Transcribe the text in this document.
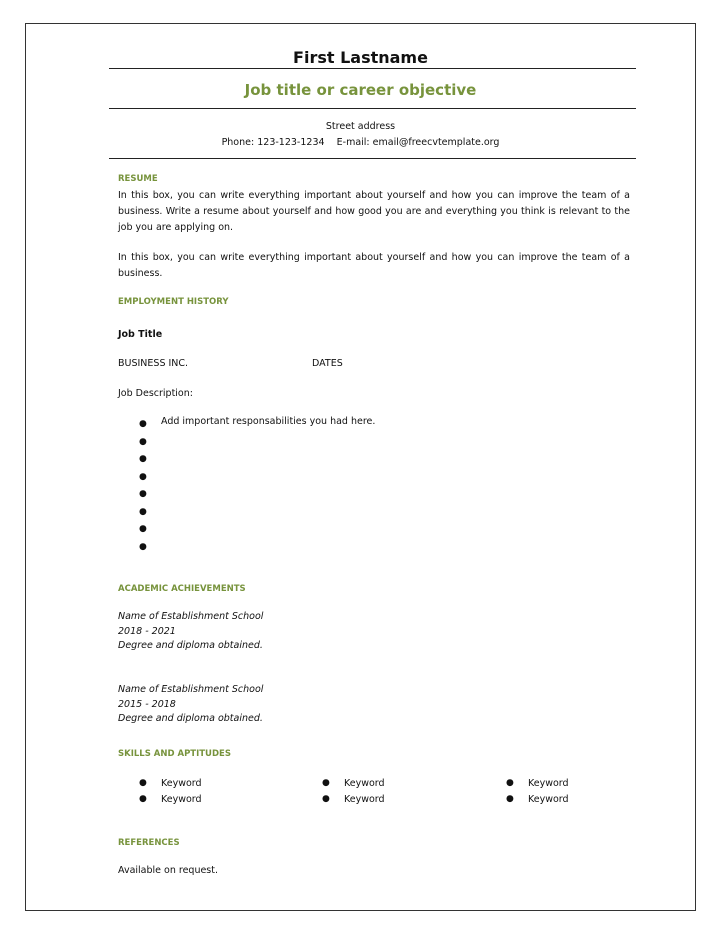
First Lastname
Job title or career objective
Street address
Phone: 123-123-1234 E-mail: email@freecvtemplate.org
RESUME
In this box, you can write everything important about yourself and how you can improve the team of a business. Write a resume about yourself and how good you are and everything you think is relevant to the job you are applying on.
In this box, you can write everything important about yourself and how you can improve the team of a business.
EMPLOYMENT HISTORY
Job Title
BUSINESS INC.	DATES
Job Description:
●	Add important responsabilities you had here.
●
●
●
●
●
●
●
ACADEMIC ACHIEVEMENTS
Name of Establishment School
2018 - 2021
Degree and diploma obtained.
Name of Establishment School
2015 - 2018
Degree and diploma obtained.
SKILLS AND APTITUDES
●	Keyword
●	Keyword
●	Keyword
●	Keyword
●	Keyword
●	Keyword
REFERENCES
Available on request.
